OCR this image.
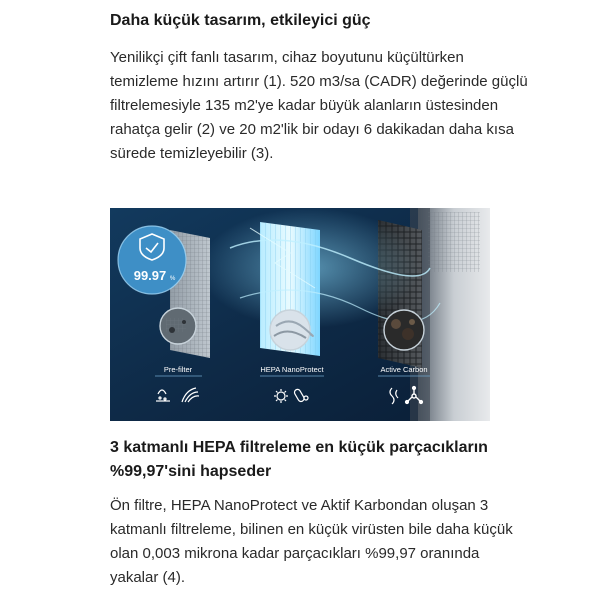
Daha küçük tasarım, etkileyici güç

Yenilikçi çift fanlı tasarım, cihaz boyutunu küçültürken temizleme hızını artırır (1). 520 m3/sa (CADR) değerinde güçlü filtrelemesiyle 135 m2'ye kadar büyük alanların üstesinden rahatça gelir (2) ve 20 m2'lik bir odayı 6 dakikadan daha kısa sürede temizleyebilir (3).

99.97 %
Pre-filter	HEPA NanoProtect	Active Carbon
3 katmanlı HEPA filtreleme en küçük parçacıkların %99,97'sini hapseder

Ön filtre, HEPA NanoProtect ve Aktif Karbondan oluşan 3 katmanlı filtreleme, bilinen en küçük virüsten bile daha küçük olan 0,003 mikrona kadar parçacıkları %99,97 oranında yakalar (4).
